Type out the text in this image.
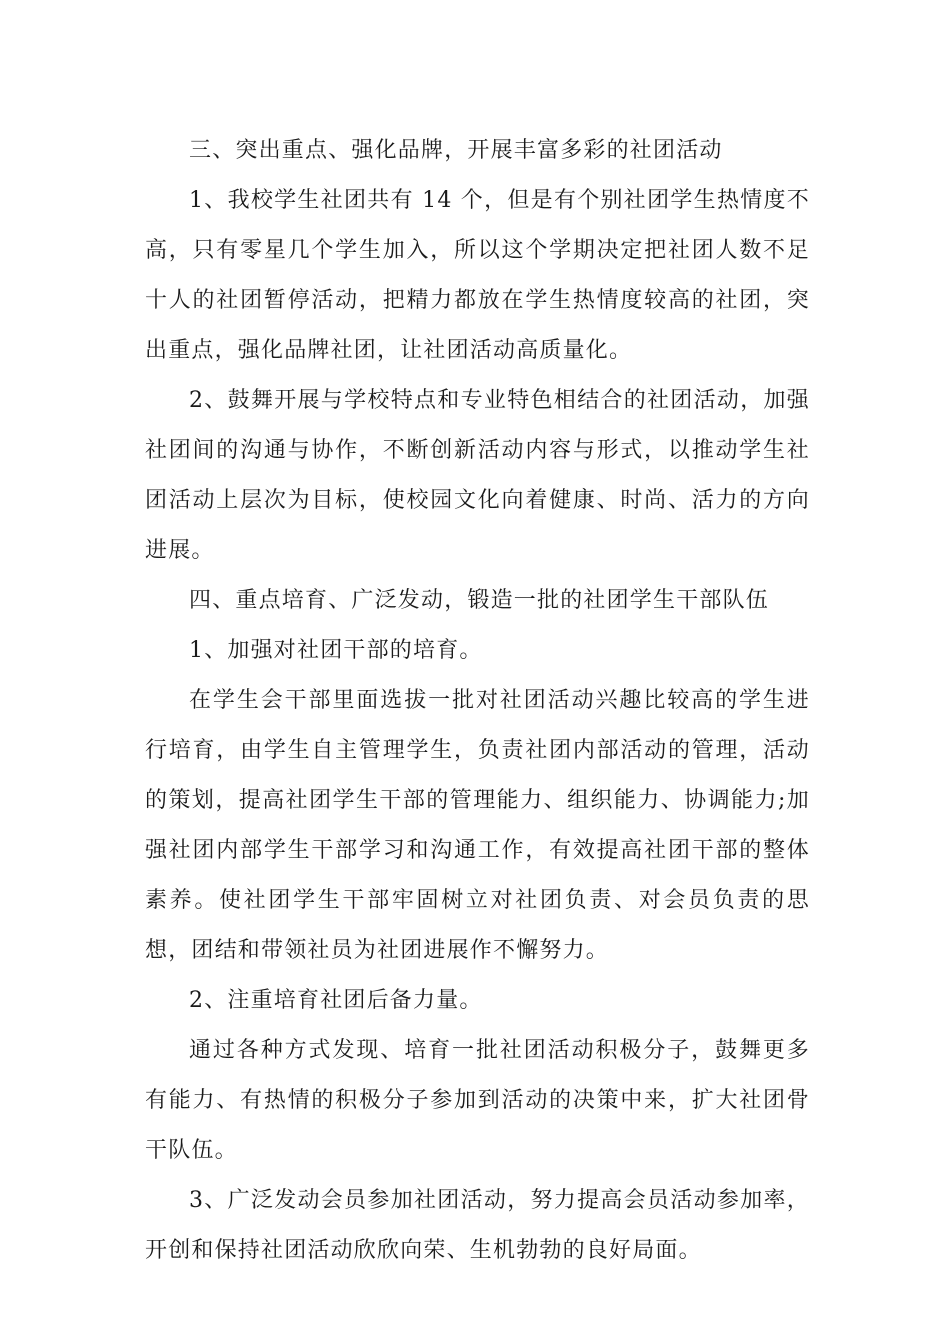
三、突出重点、强化品牌，开展丰富多彩的社团活动

1、我校学生社团共有 14 个，但是有个别社团学生热情度不高，只有零星几个学生加入，所以这个学期决定把社团人数不足十人的社团暂停活动，把精力都放在学生热情度较高的社团，突出重点，强化品牌社团，让社团活动高质量化。

2、鼓舞开展与学校特点和专业特色相结合的社团活动，加强社团间的沟通与协作，不断创新活动内容与形式，以推动学生社团活动上层次为目标，使校园文化向着健康、时尚、活力的方向进展。

四、重点培育、广泛发动，锻造一批的社团学生干部队伍

1、加强对社团干部的培育。

在学生会干部里面选拔一批对社团活动兴趣比较高的学生进行培育，由学生自主管理学生，负责社团内部活动的管理，活动的策划，提高社团学生干部的管理能力、组织能力、协调能力;加强社团内部学生干部学习和沟通工作，有效提高社团干部的整体素养。使社团学生干部牢固树立对社团负责、对会员负责的思想，团结和带领社员为社团进展作不懈努力。

2、注重培育社团后备力量。

通过各种方式发现、培育一批社团活动积极分子，鼓舞更多有能力、有热情的积极分子参加到活动的决策中来，扩大社团骨干队伍。

3、广泛发动会员参加社团活动，努力提高会员活动参加率，开创和保持社团活动欣欣向荣、生机勃勃的良好局面。
